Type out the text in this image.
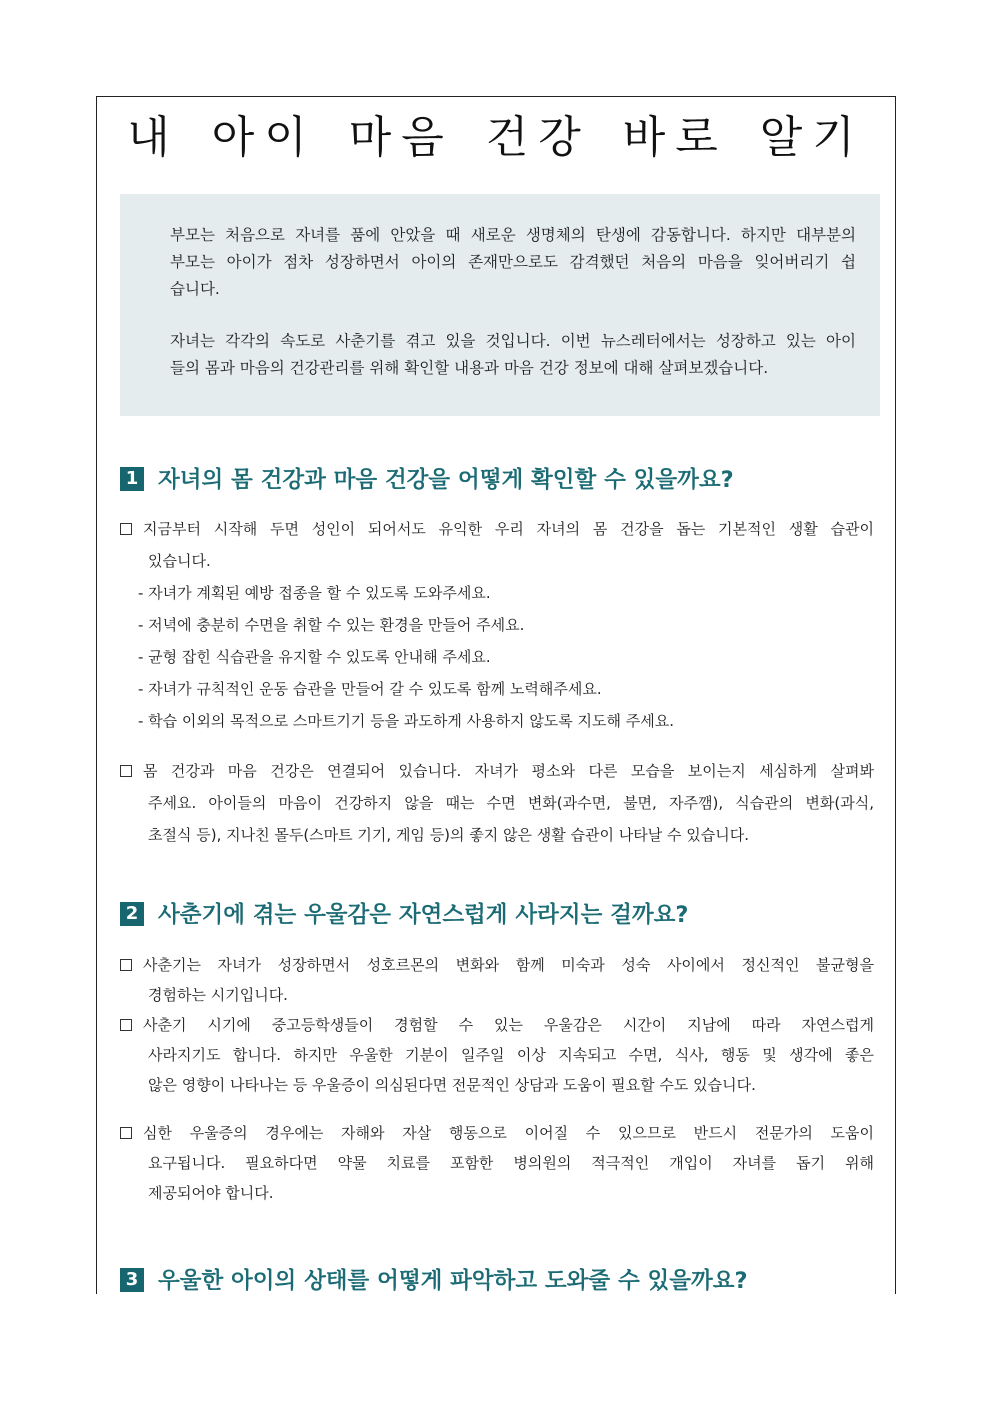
내 아이 마음 건강 바로 알기

부모는 처음으로 자녀를 품에 안았을 때 새로운 생명체의 탄생에 감동합니다. 하지만 대부분의
부모는 아이가 점차 성장하면서 아이의 존재만으로도 감격했던 처음의 마음을 잊어버리기 쉽
습니다.

자녀는 각각의 속도로 사춘기를 겪고 있을 것입니다. 이번 뉴스레터에서는 성장하고 있는 아이
들의 몸과 마음의 건강관리를 위해 확인할 내용과 마음 건강 정보에 대해 살펴보겠습니다.

1 자녀의 몸 건강과 마음 건강을 어떻게 확인할 수 있을까요?
지금부터 시작해 두면 성인이 되어서도 유익한 우리 자녀의 몸 건강을 돕는 기본적인 생활 습관이
있습니다.
- 자녀가 계획된 예방 접종을 할 수 있도록 도와주세요.
- 저녁에 충분히 수면을 취할 수 있는 환경을 만들어 주세요.
- 균형 잡힌 식습관을 유지할 수 있도록 안내해 주세요.
- 자녀가 규칙적인 운동 습관을 만들어 갈 수 있도록 함께 노력해주세요.
- 학습 이외의 목적으로 스마트기기 등을 과도하게 사용하지 않도록 지도해 주세요.
몸 건강과 마음 건강은 연결되어 있습니다. 자녀가 평소와 다른 모습을 보이는지 세심하게 살펴봐
주세요. 아이들의 마음이 건강하지 않을 때는 수면 변화(과수면, 불면, 자주깸), 식습관의 변화(과식,
초절식 등), 지나친 몰두(스마트 기기, 게임 등)의 좋지 않은 생활 습관이 나타날 수 있습니다.
2 사춘기에 겪는 우울감은 자연스럽게 사라지는 걸까요?
사춘기는 자녀가 성장하면서 성호르몬의 변화와 함께 미숙과 성숙 사이에서 정신적인 불균형을
경험하는 시기입니다.
사춘기 시기에 중고등학생들이 경험할 수 있는 우울감은 시간이 지남에 따라 자연스럽게
사라지기도 합니다. 하지만 우울한 기분이 일주일 이상 지속되고 수면, 식사, 행동 및 생각에 좋은
않은 영향이 나타나는 등 우울증이 의심된다면 전문적인 상담과 도움이 필요할 수도 있습니다.
심한 우울증의 경우에는 자해와 자살 행동으로 이어질 수 있으므로 반드시 전문가의 도움이
요구됩니다. 필요하다면 약물 치료를 포함한 병의원의 적극적인 개입이 자녀를 돕기 위해
제공되어야 합니다.
3 우울한 아이의 상태를 어떻게 파악하고 도와줄 수 있을까요?
